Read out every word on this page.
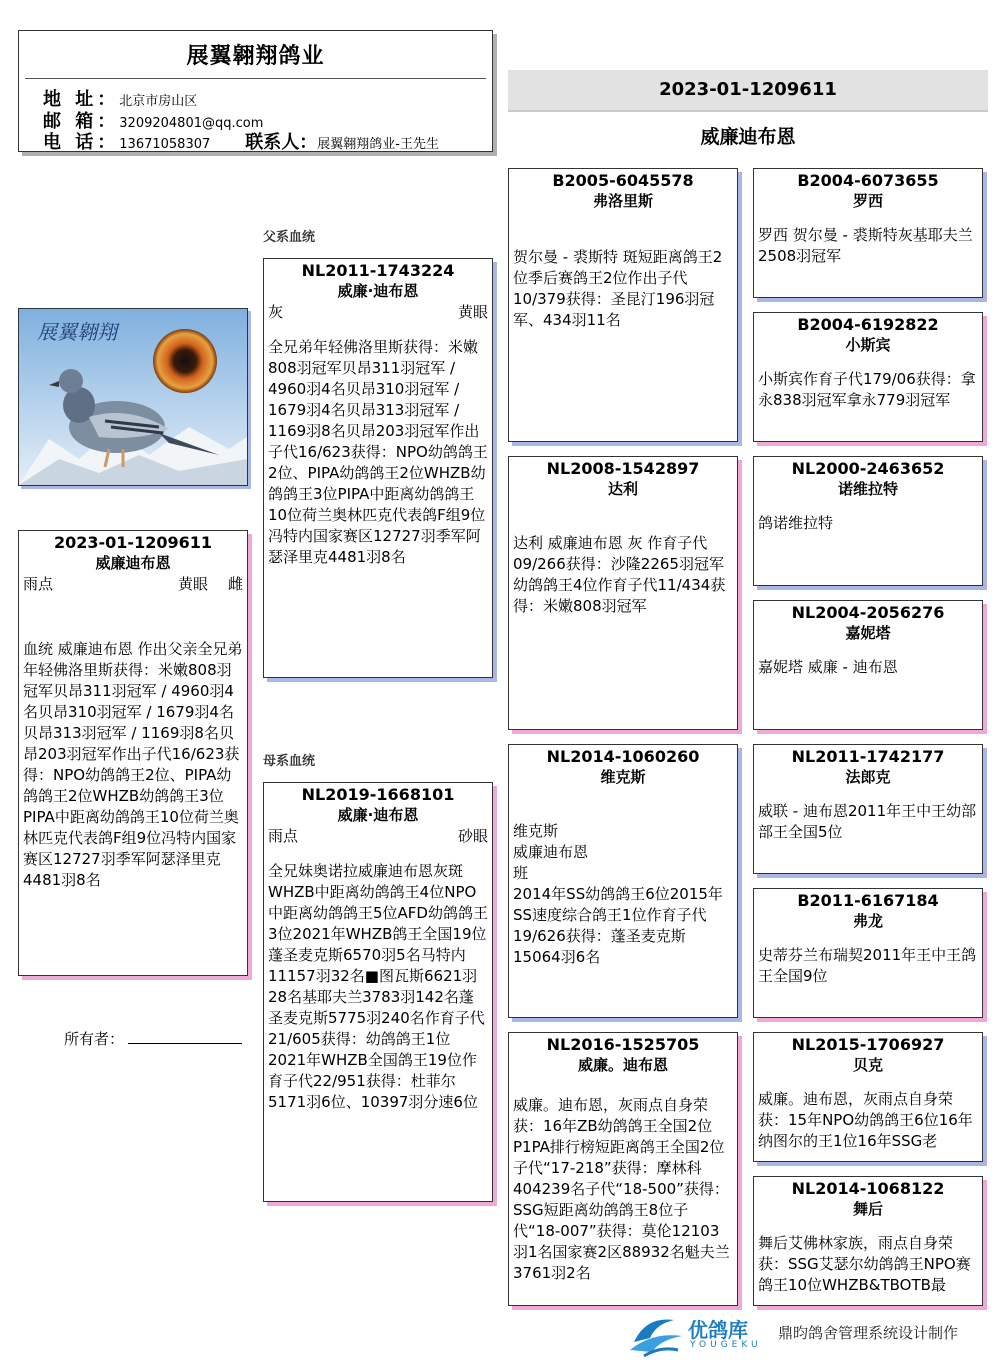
展翼翱翔鸽业
地 址：北京市房山区
邮 箱：3209204801@qq.com
电 话：13671058307 联系人：展翼翱翔鸽业-王先生
2023-01-1209611
威廉迪布恩
展翼翱翔
2023-01-1209611
威廉迪布恩
雨点	黄眼 雌
血统 威廉迪布恩 作出父亲全兄弟年轻佛洛里斯获得：米嫩808羽冠军贝昂311羽冠军 / 4960羽4名贝昂310羽冠军 / 1679羽4名贝昂313羽冠军 / 1169羽8名贝昂203羽冠军作出子代16/623获得：NPO幼鸽鸽王2位、PIPA幼鸽鸽王2位WHZB幼鸽鸽王3位PIPA中距离幼鸽鸽王10位荷兰奥林匹克代表鸽F组9位冯特内国家赛区12727羽季军阿瑟泽里克4481羽8名
所有者：
父系血统
母系血统
NL2011-1743224
威廉·迪布恩
灰	黄眼
全兄弟年轻佛洛里斯获得：米嫩808羽冠军贝昂311羽冠军 / 4960羽4名贝昂310羽冠军 / 1679羽4名贝昂313羽冠军 / 1169羽8名贝昂203羽冠军作出子代16/623获得：NPO幼鸽鸽王2位、PIPA幼鸽鸽王2位WHZB幼鸽鸽王3位PIPA中距离幼鸽鸽王10位荷兰奥林匹克代表鸽F组9位冯特内国家赛区12727羽季军阿瑟泽里克4481羽8名
NL2019-1668101
威廉·迪布恩
雨点	砂眼
全兄妹奥诺拉威廉迪布恩灰斑WHZB中距离幼鸽鸽王4位NPO中距离幼鸽鸽王5位AFD幼鸽鸽王3位2021年WHZB鸽王全国19位蓬圣麦克斯6570羽5名马特内11157羽32名■图瓦斯6621羽28名基耶夫兰3783羽142名蓬圣麦克斯5775羽240名作育子代21/605获得：幼鸽鸽王1位2021年WHZB全国鸽王19位作育子代22/951获得：杜菲尔5171羽6位、10397羽分速6位
B2005-6045578
弗洛里斯
贺尔曼 - 裘斯特 斑短距离鸽王2位季后赛鸽王2位作出子代10/379获得：圣昆汀196羽冠军、434羽11名
NL2008-1542897
达利
达利 威廉迪布恩 灰 作育子代09/266获得：沙隆2265羽冠军幼鸽鸽王4位作育子代11/434获得：米嫩808羽冠军
NL2014-1060260
维克斯
维克斯
威廉迪布恩
班
2014年SS幼鸽鸽王6位2015年SS速度综合鸽王1位作育子代19/626获得：蓬圣麦克斯15064羽6名
NL2016-1525705
威廉。迪布恩
威廉。迪布恩，灰雨点自身荣获：16年ZB幼鸽鸽王全国2位P1PA排行榜短距离鸽王全国2位子代“17-218”获得：摩林科404239名子代“18-500”获得：SSG短距离幼鸽鸽王8位子代“18-007”获得：莫伦12103羽1名国家赛2区88932名魁夫兰3761羽2名
B2004-6073655
罗西
罗西 贺尔曼 - 裘斯特灰基耶夫兰2508羽冠军
B2004-6192822
小斯宾
小斯宾作育子代179/06获得：拿永838羽冠军拿永779羽冠军
NL2000-2463652
诺维拉特
鸽诺维拉特
NL2004-2056276
嘉妮塔
嘉妮塔 威廉 - 迪布恩
NL2011-1742177
法郎克
威联 - 迪布恩2011年王中王幼部部王全国5位
B2011-6167184
弗龙
史蒂芬兰布瑞契2011年王中王鸽王全国9位
NL2015-1706927
贝克
威廉。迪布恩，灰雨点自身荣获：15年NPO幼鸽鸽王6位16年纳图尔的王1位16年SSG老
NL2014-1068122
舞后
舞后艾佛林家族，雨点自身荣获：SSG艾瑟尔幼鸽鸽王NPO赛鸽王10位WHZB&TBOTB最
优鸽库
YOUGEKU
鼎昀鸽舍管理系统设计制作
